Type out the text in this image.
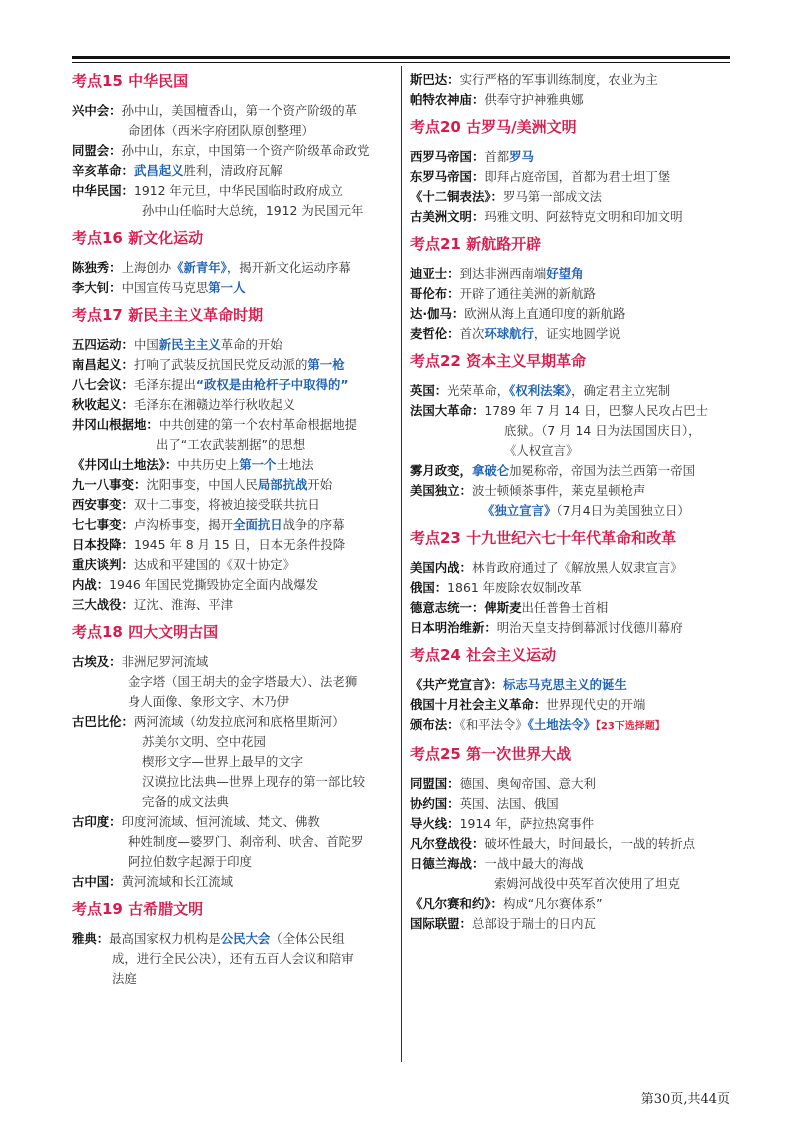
考点15 中华民国
兴中会：孙中山，美国檀香山，第一个资产阶级的革
命团体（西米字府团队原创整理）
同盟会：孙中山，东京，中国第一个资产阶级革命政党
辛亥革命：武昌起义胜利，清政府瓦解
中华民国：1912 年元旦，中华民国临时政府成立
孙中山任临时大总统，1912 为民国元年
考点16 新文化运动
陈独秀：上海创办《新青年》，揭开新文化运动序幕
李大钊：中国宣传马克思第一人
考点17 新民主主义革命时期
五四运动：中国新民主主义革命的开始
南昌起义：打响了武装反抗国民党反动派的第一枪
八七会议：毛泽东提出“政权是由枪杆子中取得的”
秋收起义：毛泽东在湘赣边举行秋收起义
井冈山根据地：中共创建的第一个农村革命根据地提
出了“工农武装割据”的思想
《井冈山土地法》：中共历史上第一个土地法
九一八事变：沈阳事变，中国人民局部抗战开始
西安事变：双十二事变，将被迫接受联共抗日
七七事变：卢沟桥事变，揭开全面抗日战争的序幕
日本投降：1945 年 8 月 15 日，日本无条件投降
重庆谈判：达成和平建国的《双十协定》
内战：1946 年国民党撕毁协定全面内战爆发
三大战役：辽沈、淮海、平津
考点18 四大文明古国
古埃及：非洲尼罗河流域
金字塔（国王胡夫的金字塔最大）、法老狮
身人面像、象形文字、木乃伊
古巴比伦：两河流域（幼发拉底河和底格里斯河）
苏美尔文明、空中花园
楔形文字—世界上最早的文字
汉谟拉比法典—世界上现存的第一部比较
完备的成文法典
古印度：印度河流域、恒河流域、梵文、佛教
种姓制度—婆罗门、刹帝利、吠舍、首陀罗
阿拉伯数字起源于印度
古中国：黄河流域和长江流域
考点19 古希腊文明
雅典：最高国家权力机构是公民大会（全体公民组
成，进行全民公决），还有五百人会议和陪审
法庭
斯巴达：实行严格的军事训练制度，农业为主
帕特农神庙：供奉守护神雅典娜
考点20 古罗马/美洲文明
西罗马帝国：首都罗马
东罗马帝国：即拜占庭帝国，首都为君士坦丁堡
《十二铜表法》：罗马第一部成文法
古美洲文明：玛雅文明、阿兹特克文明和印加文明
考点21 新航路开辟
迪亚士：到达非洲西南端好望角
哥伦布：开辟了通往美洲的新航路
达·伽马：欧洲从海上直通印度的新航路
麦哲伦：首次环球航行，证实地圆学说
考点22 资本主义早期革命
英国：光荣革命，《权利法案》，确定君主立宪制
法国大革命：1789 年 7 月 14 日，巴黎人民攻占巴士
底狱。（7 月 14 日为法国国庆日），
《人权宣言》
雾月政变，拿破仑加冕称帝，帝国为法兰西第一帝国
美国独立：波士顿倾茶事件，莱克星顿枪声
《独立宣言》（7月4日为美国独立日）
考点23 十九世纪六七十年代革命和改革
美国内战：林肯政府通过了《解放黑人奴隶宣言》
俄国：1861 年废除农奴制改革
德意志统一：俾斯麦出任普鲁士首相
日本明治维新：明治天皇支持倒幕派讨伐德川幕府
考点24 社会主义运动
《共产党宣言》：标志马克思主义的诞生
俄国十月社会主义革命：世界现代史的开端
颁布法：《和平法令》《土地法令》【23下选择题】
考点25 第一次世界大战
同盟国：德国、奥匈帝国、意大利
协约国：英国、法国、俄国
导火线：1914 年，萨拉热窝事件
凡尔登战役：破坏性最大，时间最长，一战的转折点
日德兰海战：一战中最大的海战
索姆河战役中英军首次使用了坦克
《凡尔赛和约》：构成“凡尔赛体系”
国际联盟：总部设于瑞士的日内瓦
第30页,共44页
